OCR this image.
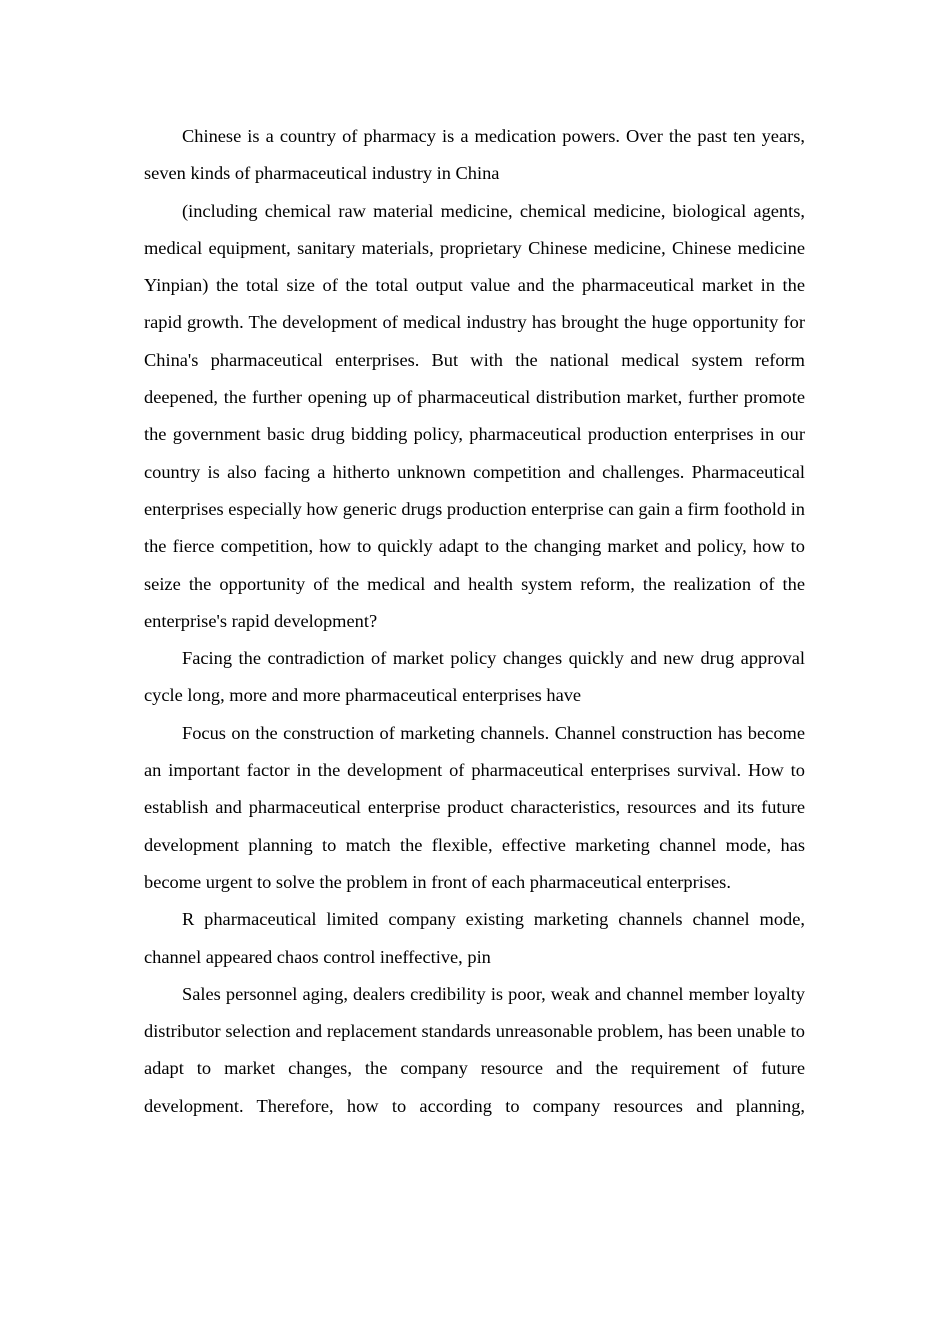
Chinese is a country of pharmacy is a medication powers. Over the past ten years, seven kinds of pharmaceutical industry in China

(including chemical raw material medicine, chemical medicine, biological agents, medical equipment, sanitary materials, proprietary Chinese medicine, Chinese medicine Yinpian) the total size of the total output value and the pharmaceutical market in the rapid growth. The development of medical industry has brought the huge opportunity for China's pharmaceutical enterprises. But with the national medical system reform deepened, the further opening up of pharmaceutical distribution market, further promote the government basic drug bidding policy, pharmaceutical production enterprises in our country is also facing a hitherto unknown competition and challenges. Pharmaceutical enterprises especially how generic drugs production enterprise can gain a firm foothold in the fierce competition, how to quickly adapt to the changing market and policy, how to seize the opportunity of the medical and health system reform, the realization of the enterprise's rapid development?

Facing the contradiction of market policy changes quickly and new drug approval cycle long, more and more pharmaceutical enterprises have

Focus on the construction of marketing channels. Channel construction has become an important factor in the development of pharmaceutical enterprises survival. How to establish and pharmaceutical enterprise product characteristics, resources and its future development planning to match the flexible, effective marketing channel mode, has become urgent to solve the problem in front of each pharmaceutical enterprises.

R pharmaceutical limited company existing marketing channels channel mode, channel appeared chaos control ineffective, pin

Sales personnel aging, dealers credibility is poor, weak and channel member loyalty distributor selection and replacement standards unreasonable problem, has been unable to adapt to market changes, the company resource and the requirement of future development. Therefore, how to according to company resources and planning,
